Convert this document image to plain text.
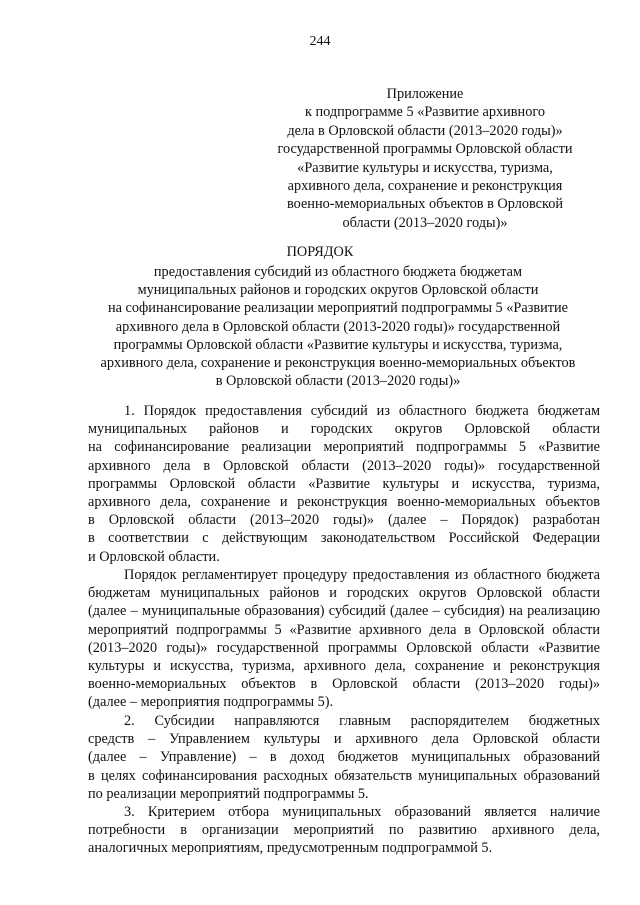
244
Приложение
к подпрограмме 5 «Развитие архивного
дела в Орловской области (2013–2020 годы)»
государственной программы Орловской области
«Развитие культуры и искусства, туризма,
архивного дела, сохранение и реконструкция
военно-мемориальных объектов в Орловской
области (2013–2020 годы)»
ПОРЯДОК
предоставления субсидий из областного бюджета бюджетам
муниципальных районов и городских округов Орловской области
на софинансирование реализации мероприятий подпрограммы 5 «Развитие
архивного дела в Орловской области (2013-2020 годы)» государственной
программы Орловской области «Развитие культуры и искусства, туризма,
архивного дела, сохранение и реконструкция военно-мемориальных объектов
в Орловской области (2013–2020 годы)»
1. Порядок предоставления субсидий из областного бюджета бюджетам
муниципальных районов и городских округов Орловской области
на софинансирование реализации мероприятий подпрограммы 5 «Развитие
архивного дела в Орловской области (2013–2020 годы)» государственной
программы Орловской области «Развитие культуры и искусства, туризма,
архивного дела, сохранение и реконструкция военно-мемориальных объектов
в Орловской области (2013–2020 годы)» (далее – Порядок) разработан
в соответствии с действующим законодательством Российской Федерации
и Орловской области.
Порядок регламентирует процедуру предоставления из областного бюджета
бюджетам муниципальных районов и городских округов Орловской области
(далее – муниципальные образования) субсидий (далее – субсидия) на реализацию
мероприятий подпрограммы 5 «Развитие архивного дела в Орловской области
(2013–2020 годы)» государственной программы Орловской области «Развитие
культуры и искусства, туризма, архивного дела, сохранение и реконструкция
военно-мемориальных объектов в Орловской области (2013–2020 годы)»
(далее – мероприятия подпрограммы 5).
2. Субсидии направляются главным распорядителем бюджетных
средств – Управлением культуры и архивного дела Орловской области
(далее – Управление) – в доход бюджетов муниципальных образований
в целях софинансирования расходных обязательств муниципальных образований
по реализации мероприятий подпрограммы 5.
3. Критерием отбора муниципальных образований является наличие
потребности в организации мероприятий по развитию архивного дела,
аналогичных мероприятиям, предусмотренным подпрограммой 5.
